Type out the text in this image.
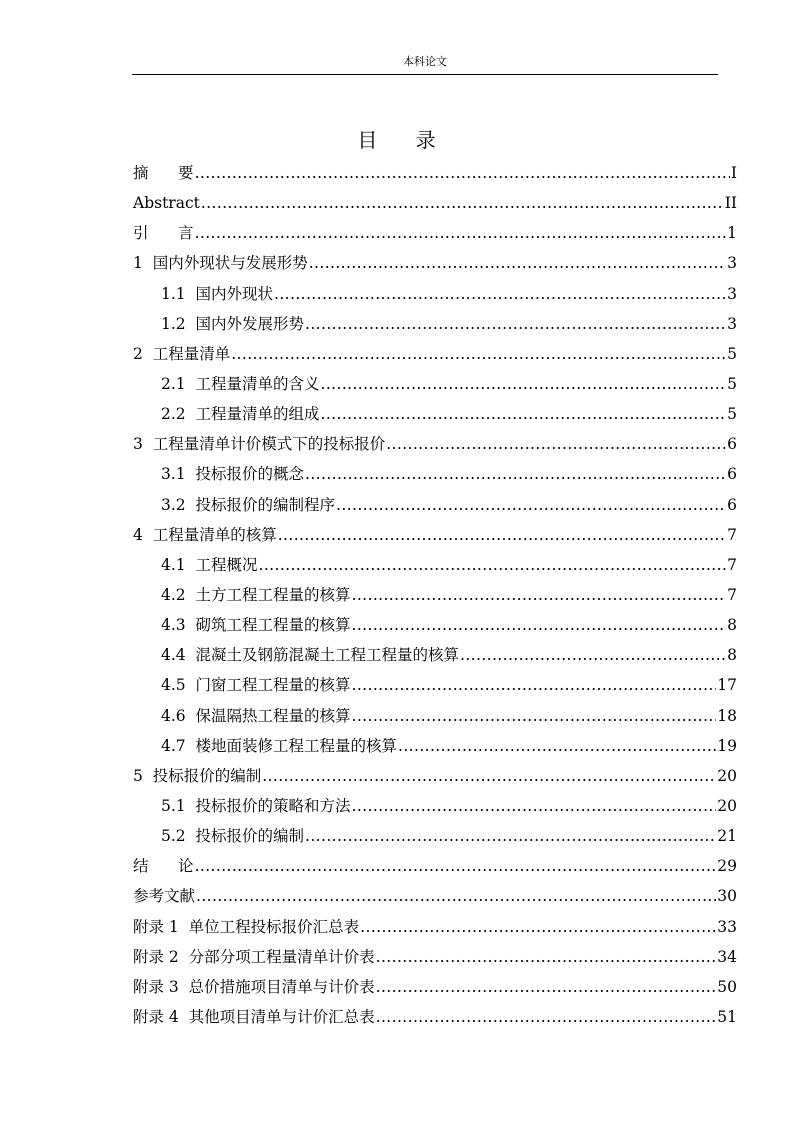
本科论文
目      录
摘      要 .....	I
Abstract .....	II
引      言 .....	1
1  国内外现状与发展形势 .....	3
1.1  国内外现状 .....	3
1.2  国内外发展形势 .....	3
2  工程量清单 .....	5
2.1  工程量清单的含义 .....	5
2.2  工程量清单的组成 .....	5
3  工程量清单计价模式下的投标报价 .....	6
3.1  投标报价的概念 .....	6
3.2  投标报价的编制程序 .....	6
4  工程量清单的核算 .....	7
4.1  工程概况 .....	7
4.2  土方工程工程量的核算 .....	7
4.3  砌筑工程工程量的核算 .....	8
4.4  混凝土及钢筋混凝土工程工程量的核算 .....	8
4.5  门窗工程工程量的核算 .....	17
4.6  保温隔热工程量的核算 .....	18
4.7  楼地面装修工程工程量的核算 .....	19
5  投标报价的编制 .....	20
5.1  投标报价的策略和方法 .....	20
5.2  投标报价的编制 .....	21
结      论 .....	29
参考文献 .....	30
附录 1  单位工程投标报价汇总表 .....	33
附录 2  分部分项工程量清单计价表 .....	34
附录 3  总价措施项目清单与计价表 .....	50
附录 4  其他项目清单与计价汇总表 .....	51
